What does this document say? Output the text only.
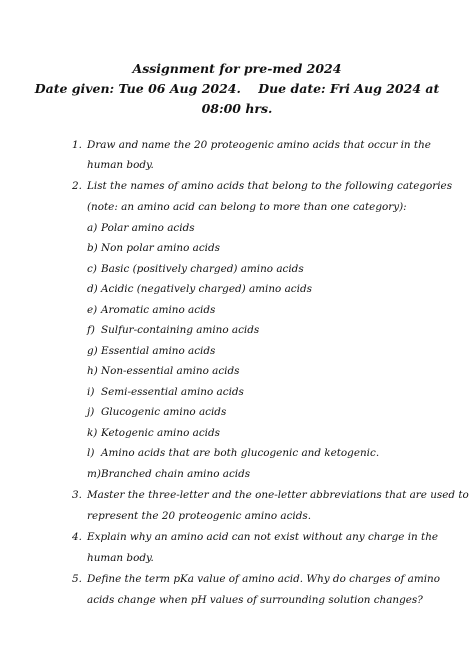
Assignment for pre-med 2024
Date given: Tue 06 Aug 2024.    Due date: Fri Aug 2024 at
08:00 hrs.
1. Draw and name the 20 proteogenic amino acids that occur in the
human body.
2. List the names of amino acids that belong to the following categories
(note: an amino acid can belong to more than one category):
a) Polar amino acids
b) Non polar amino acids
c) Basic (positively charged) amino acids
d) Acidic (negatively charged) amino acids
e) Aromatic amino acids
f) Sulfur-containing amino acids
g) Essential amino acids
h) Non-essential amino acids
i) Semi-essential amino acids
j) Glucogenic amino acids
k) Ketogenic amino acids
l) Amino acids that are both glucogenic and ketogenic.
m) Branched chain amino acids
3. Master the three-letter and the one-letter abbreviations that are used to
represent the 20 proteogenic amino acids.
4. Explain why an amino acid can not exist without any charge in the
human body.
5. Define the term pKa value of amino acid. Why do charges of amino
acids change when pH values of surrounding solution changes?
